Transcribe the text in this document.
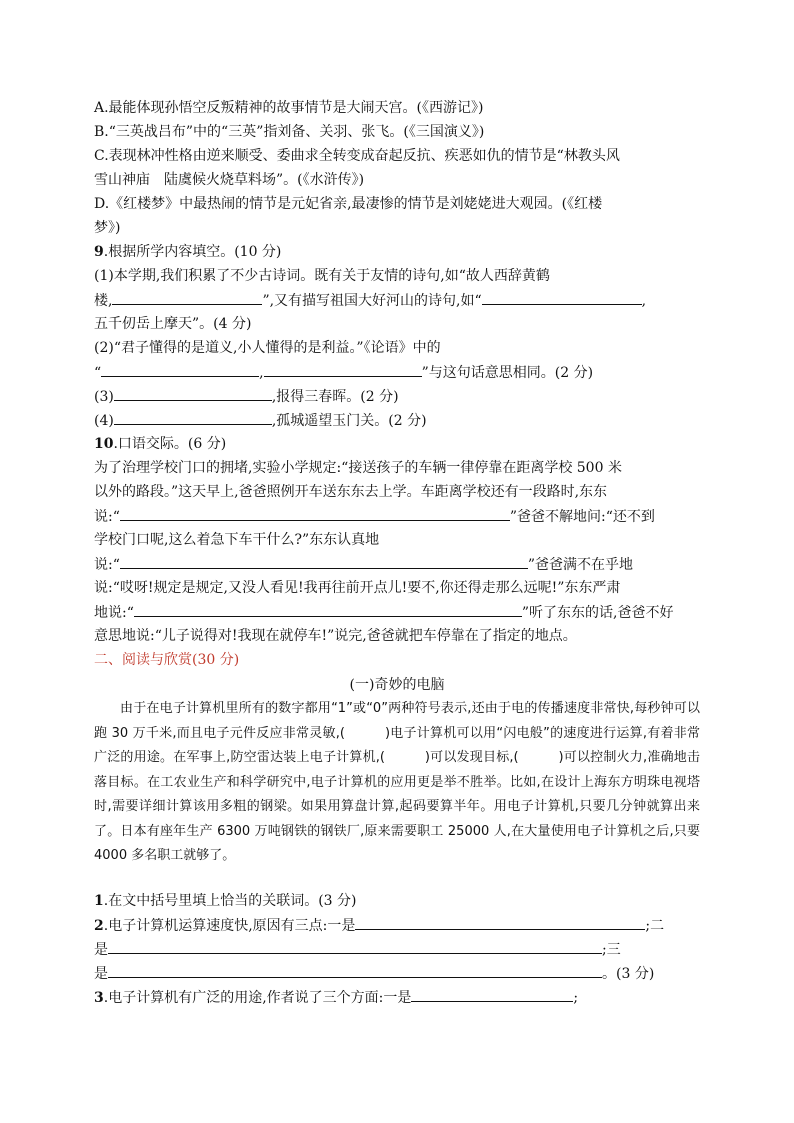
A.最能体现孙悟空反叛精神的故事情节是大闹天宫。(《西游记》)
B.“三英战吕布”中的“三英”指刘备、关羽、张飞。(《三国演义》)
C.表现林冲性格由逆来顺受、委曲求全转变成奋起反抗、疾恶如仇的情节是“林教头风
雪山神庙　陆虞候火烧草料场”。(《水浒传》)
D.《红楼梦》中最热闹的情节是元妃省亲,最凄惨的情节是刘姥姥进大观园。(《红楼
梦》)
9.根据所学内容填空。(10 分)
(1)本学期,我们积累了不少古诗词。既有关于友情的诗句,如“故人西辞黄鹤
楼,	”,又有描写祖国大好河山的诗句,如“	,
五千仞岳上摩天”。(4 分)
(2)“君子懂得的是道义,小人懂得的是利益。”《论语》中的
“	,	”与这句话意思相同。(2 分)
(3)	,报得三春晖。(2 分)
(4)	,孤城遥望玉门关。(2 分)
10.口语交际。(6 分)
为了治理学校门口的拥堵,实验小学规定:“接送孩子的车辆一律停靠在距离学校 500 米
以外的路段。”这天早上,爸爸照例开车送东东去上学。车距离学校还有一段路时,东东
说:“	”爸爸不解地问:“还不到
学校门口呢,这么着急下车干什么?”东东认真地
说:“	”爸爸满不在乎地
说:“哎呀!规定是规定,又没人看见!我再往前开点儿!要不,你还得走那么远呢!”东东严肃
地说:“	”听了东东的话,爸爸不好
意思地说:“儿子说得对!我现在就停车!”说完,爸爸就把车停靠在了指定的地点。
二、阅读与欣赏(30 分)
(一)奇妙的电脑

由于在电子计算机里所有的数字都用“1”或“0”两种符号表示,还由于电的传播速度非常快,每秒钟可以跑 30 万千米,而且电子元件反应非常灵敏,(　　　)电子计算机可以用“闪电般”的速度进行运算,有着非常广泛的用途。在军事上,防空雷达装上电子计算机,(　　　)可以发现目标,(　　　)可以控制火力,准确地击落目标。在工农业生产和科学研究中,电子计算机的应用更是举不胜举。比如,在设计上海东方明珠电视塔时,需要详细计算该用多粗的钢梁。如果用算盘计算,起码要算半年。用电子计算机,只要几分钟就算出来了。日本有座年生产 6300 万吨钢铁的钢铁厂,原来需要职工 25000 人,在大量使用电子计算机之后,只要 4000 多名职工就够了。

1.在文中括号里填上恰当的关联词。(3 分)
2.电子计算机运算速度快,原因有三点:一是	;二
是	;三
是	。(3 分)
3.电子计算机有广泛的用途,作者说了三个方面:一是	;
